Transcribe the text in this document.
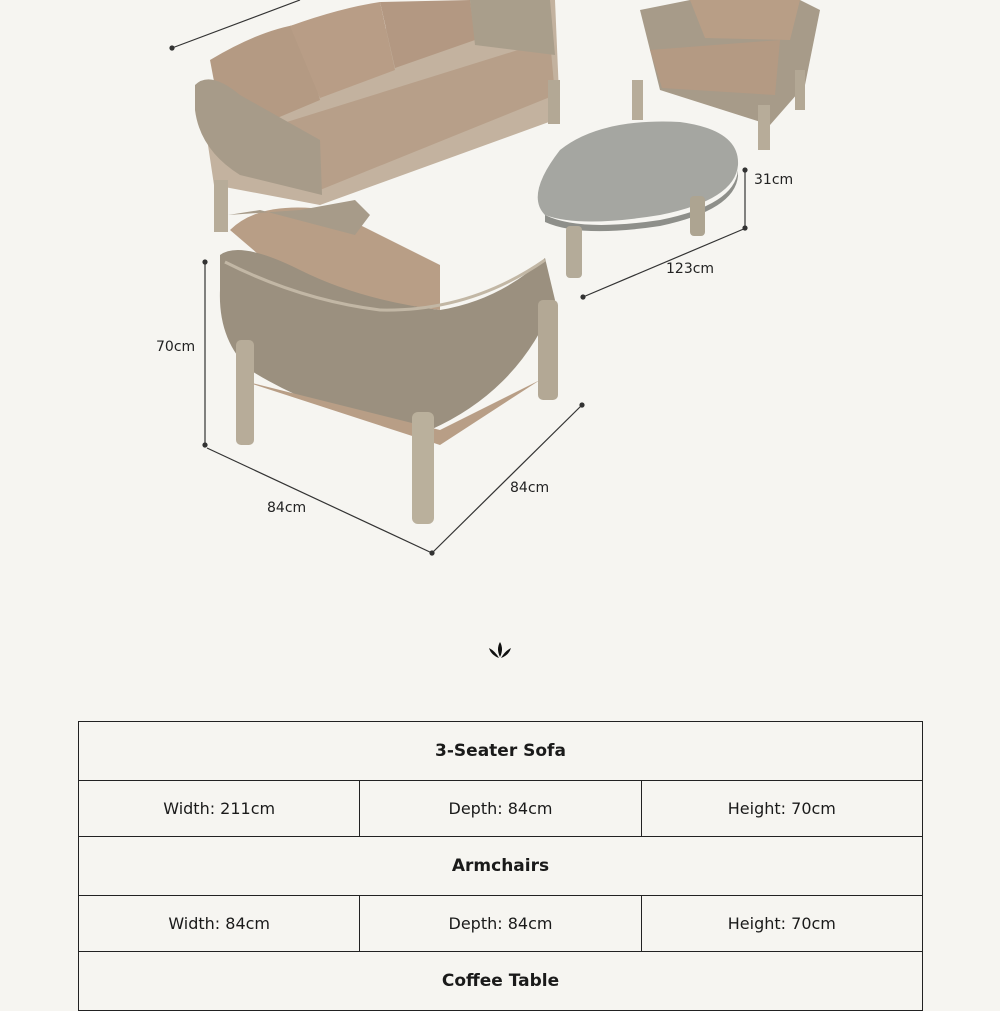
31cm
123cm
70cm
84cm
84cm
3-Seater Sofa		
Width: 211cm	Depth: 84cm	Height: 70cm
Armchairs		
Width: 84cm	Depth: 84cm	Height: 70cm
Coffee Table		
